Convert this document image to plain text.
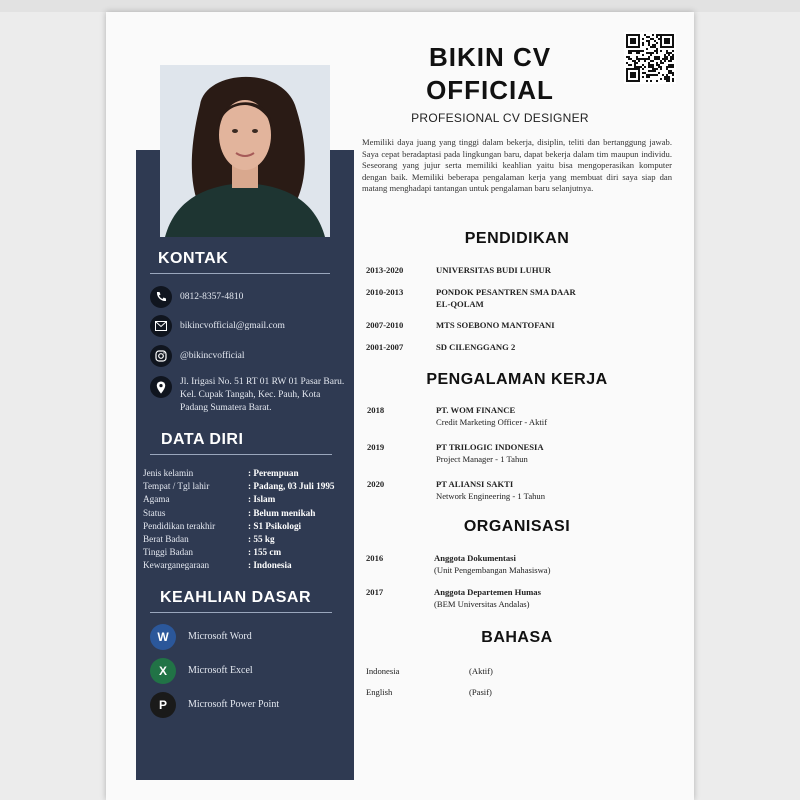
KONTAK
0812-8357-4810
bikincvofficial@gmail.com
@bikincvofficial
Jl. Irigasi No. 51 RT 01 RW 01 Pasar Baru. Kel. Cupak Tangah, Kec. Pauh, Kota Padang Sumatera Barat.
DATA DIRI
Jenis kelamin	: Perempuan
Tempat / Tgl lahir	: Padang, 03 Juli 1995
Agama	: Islam
Status	: Belum menikah
Pendidikan terakhir	: S1 Psikologi
Berat Badan	: 55 kg
Tinggi Badan	: 155 cm
Kewarganegaraan	: Indonesia
KEAHLIAN DASAR
W	Microsoft Word
X	Microsoft Excel
P	Microsoft Power Point
BIKIN CV
OFFICIAL
PROFESIONAL CV DESIGNER
Memiliki daya juang yang tinggi dalam bekerja, disiplin, teliti dan bertanggung jawab. Saya cepat beradaptasi pada lingkungan baru, dapat bekerja dalam tim maupun individu. Seseorang yang jujur serta memiliki keahlian yaitu bisa mengoperasikan komputer dengan baik. Memiliki beberapa pengalaman kerja yang membuat diri saya siap dan matang menghadapi tantangan untuk pengalaman baru selanjutnya.
PENDIDIKAN
2013-2020	UNIVERSITAS BUDI LUHUR
2010-2013	PONDOK PESANTREN SMA DAAR
EL-QOLAM
2007-2010	MTS SOEBONO MANTOFANI
2001-2007	SD CILENGGANG 2
PENGALAMAN KERJA
2018	PT. WOM FINANCE
Credit Marketing Officer - Aktif
2019	PT TRILOGIC INDONESIA
Project Manager - 1 Tahun
2020	PT ALIANSI SAKTI
Network Engineering - 1 Tahun
ORGANISASI
2016	Anggota Dokumentasi
(Unit Pengembangan Mahasiswa)
2017	Anggota Departemen Humas
(BEM Universitas Andalas)
BAHASA
Indonesia	(Aktif)
English	(Pasif)
